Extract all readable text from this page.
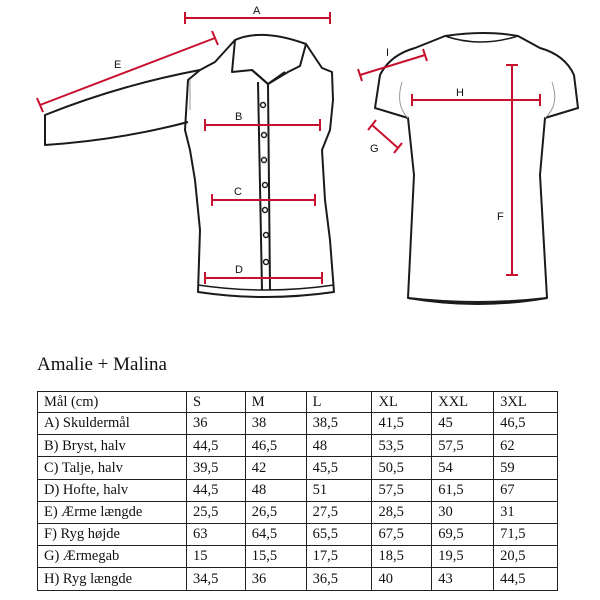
A
E
B
C
D
I
H
G
F
Amalie + Malina
Mål (cm)	S	M	L	XL	XXL	3XL
A) Skuldermål	36	38	38,5	41,5	45	46,5
B) Bryst, halv	44,5	46,5	48	53,5	57,5	62
C) Talje, halv	39,5	42	45,5	50,5	54	59
D) Hofte, halv	44,5	48	51	57,5	61,5	67
E) Ærme længde	25,5	26,5	27,5	28,5	30	31
F) Ryg højde	63	64,5	65,5	67,5	69,5	71,5
G) Ærmegab	15	15,5	17,5	18,5	19,5	20,5
H) Ryg længde	34,5	36	36,5	40	43	44,5
